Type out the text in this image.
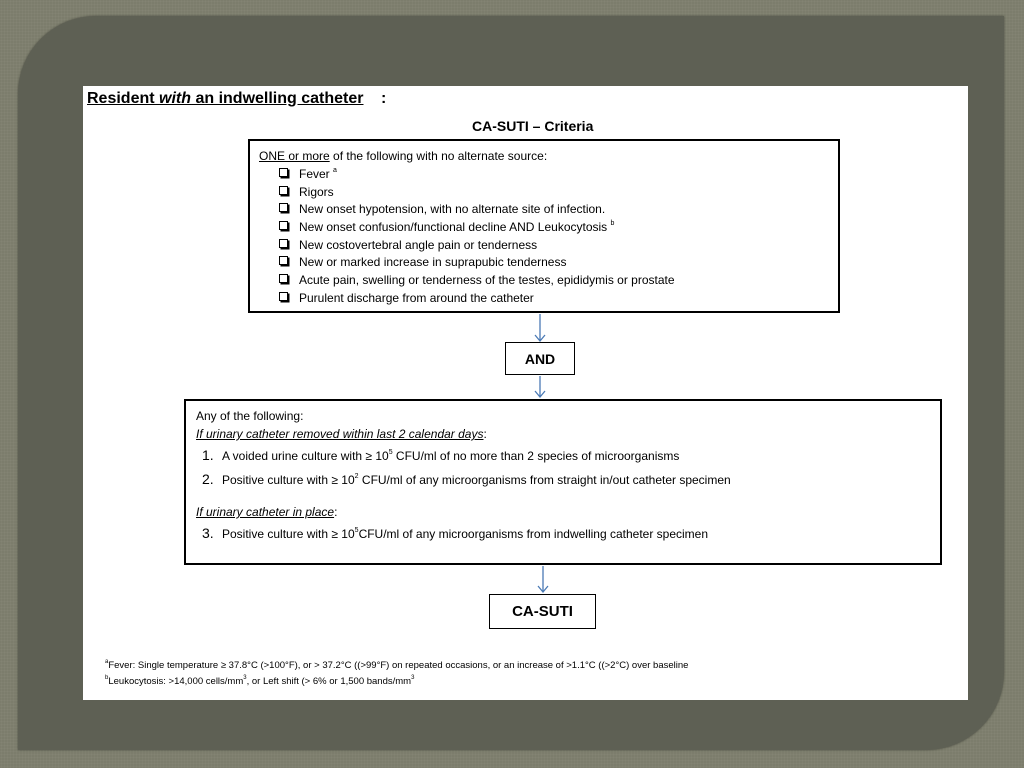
Resident with an indwelling catheter :
CA-SUTI – Criteria
ONE or more of the following with no alternate source:
Fever $^a$
Rigors
New onset hypotension, with no alternate site of infection.
New onset confusion/functional decline AND Leukocytosis $^b$
New costovertebral angle pain or tenderness
New or marked increase in suprapubic tenderness
Acute pain, swelling or tenderness of the testes, epididymis or prostate
Purulent discharge from around the catheter
AND
Any of the following:
If urinary catheter removed within last 2 calendar days:
1. A voided urine culture with ≥ $10^5$ CFU/ml of no more than 2 species of microorganisms
2. Positive culture with ≥ $10^2$ CFU/ml of any microorganisms from straight in/out catheter specimen
If urinary catheter in place:
3. Positive culture with ≥ $10^5CFU/ml$ of any microorganisms from indwelling catheter specimen
CA-SUTI
$^a$Fever: Single temperature ≥ 37.8°C (>100°F), or > 37.2°C ((>99°F) on repeated occasions, or an increase of >1.1°C ((>2°C) over baseline
$^b$Leukocytosis: >14,000 cells/$mm^3$, or Left shift (> 6% or 1,500 bands/$mm^3$
